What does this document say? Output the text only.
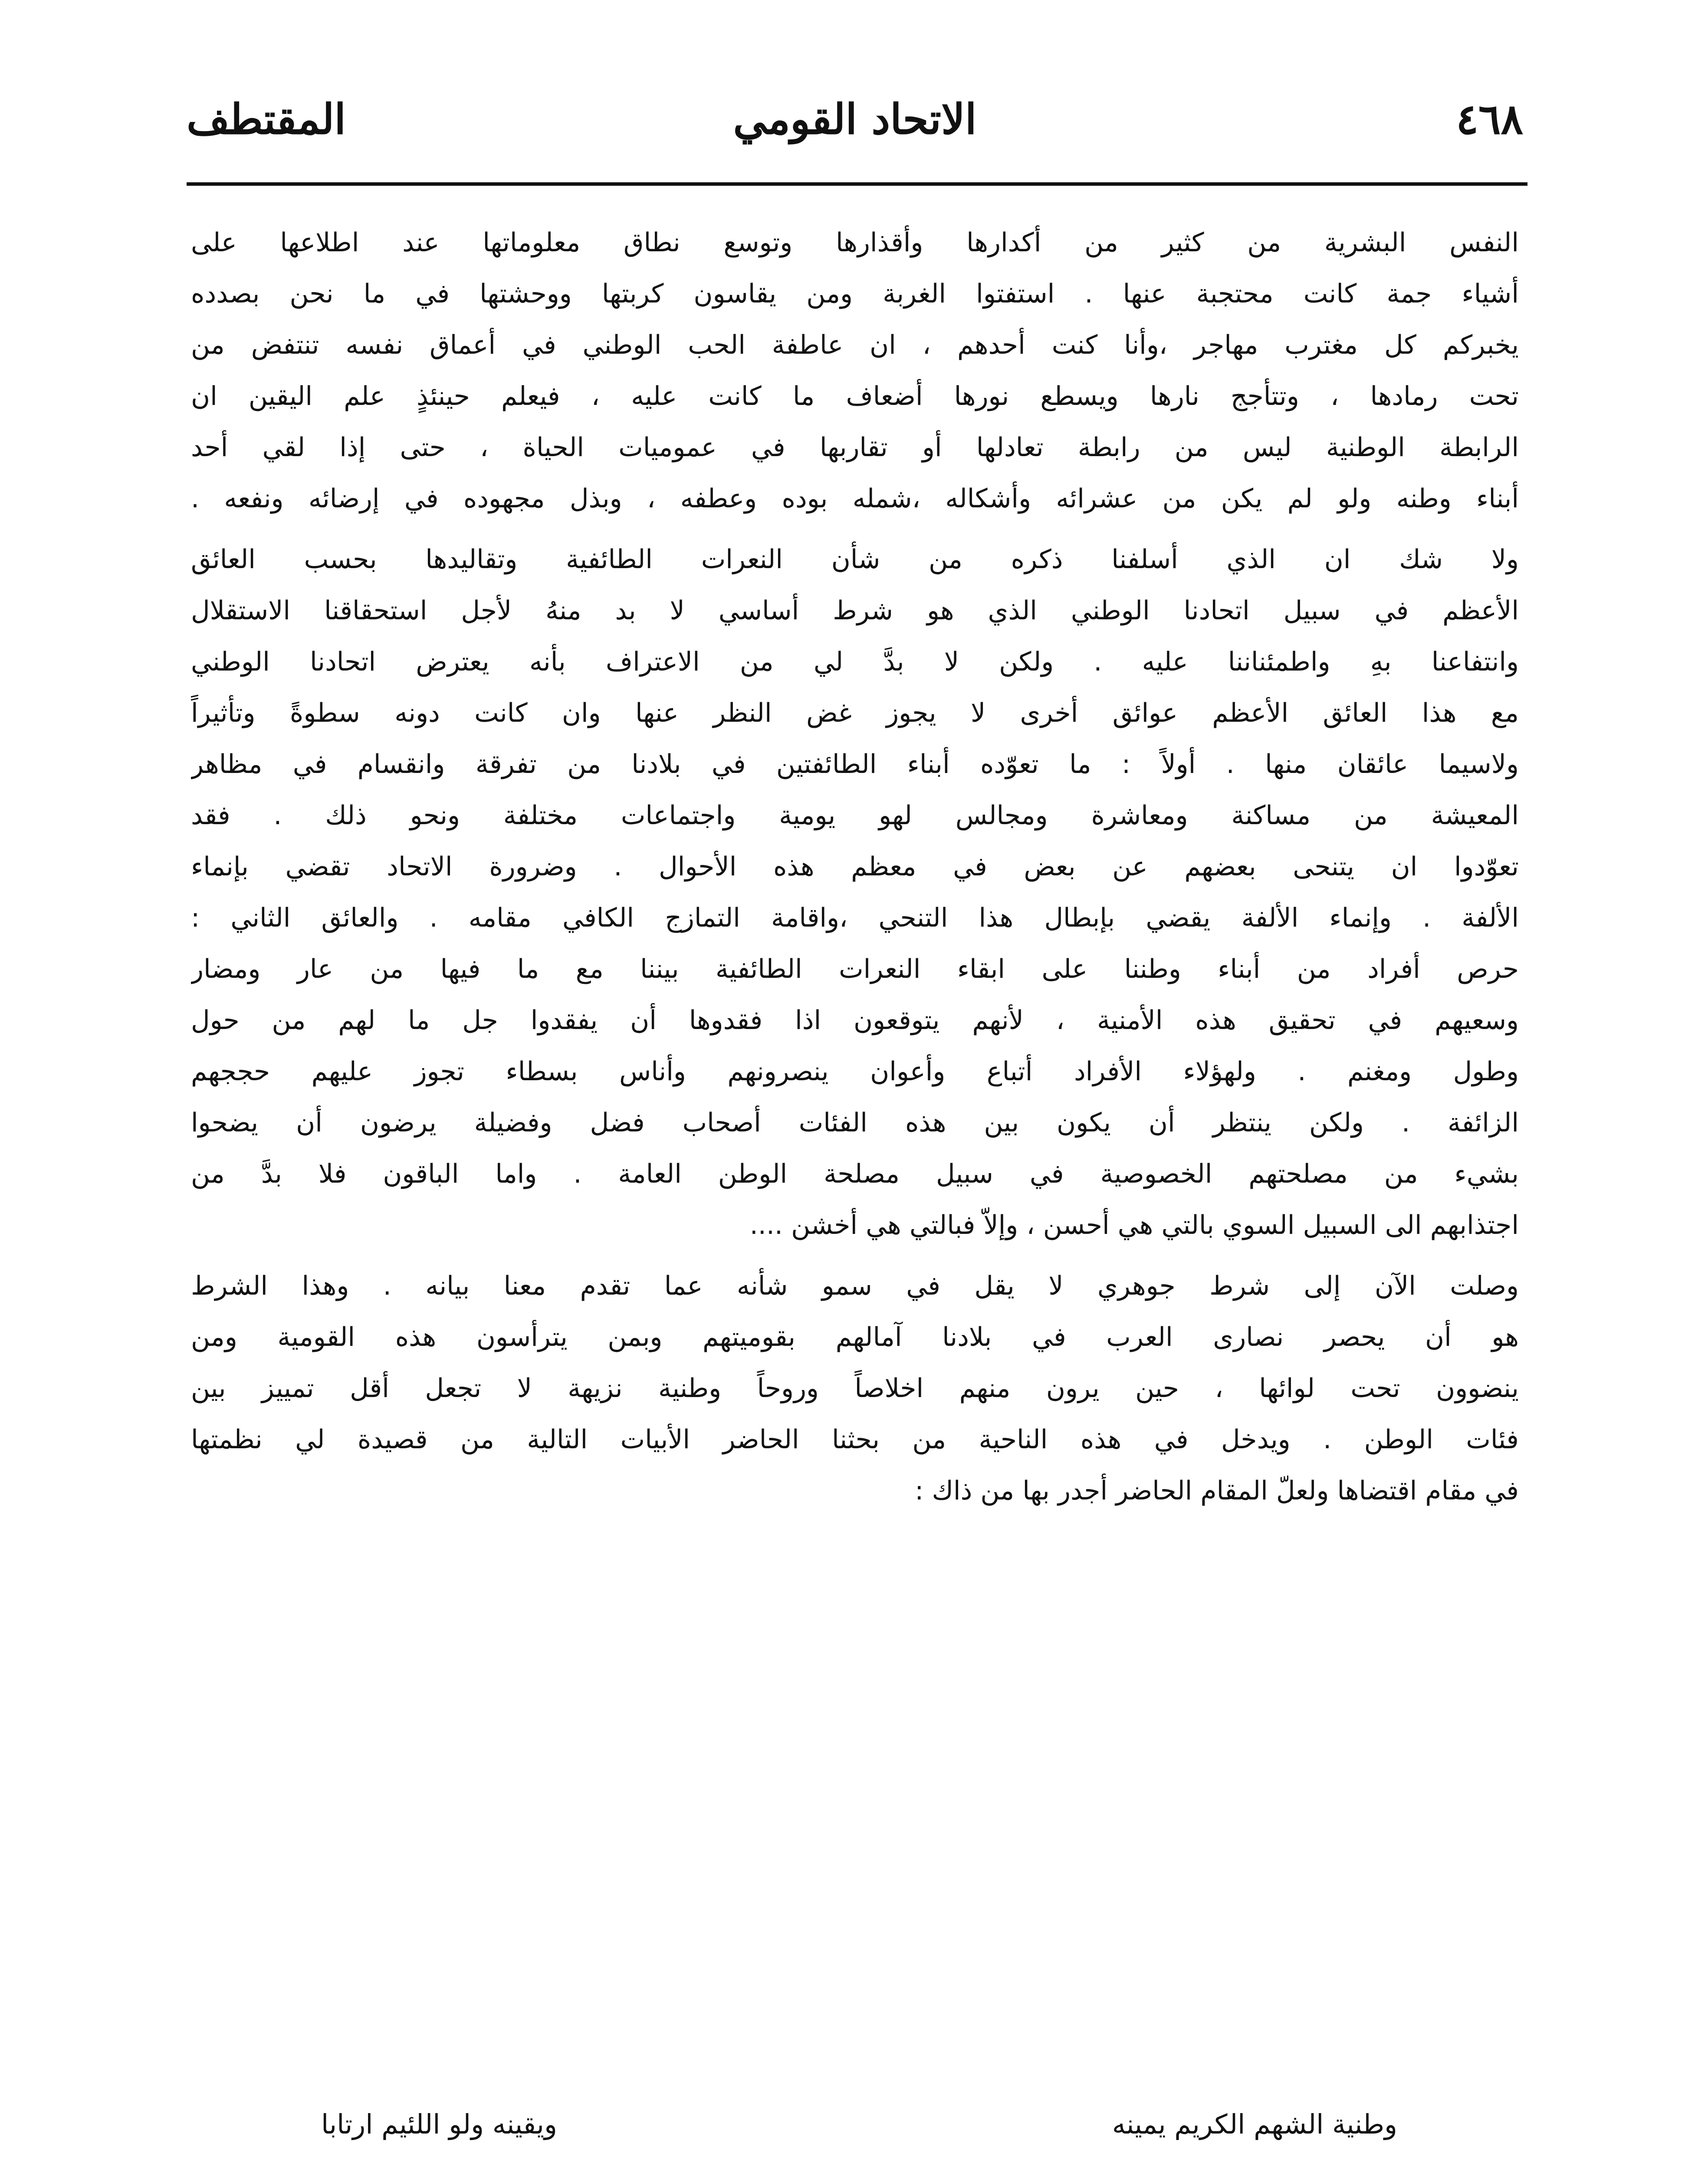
٤٦٨
الاتحاد القومي
المقتطف

النفس البشرية من كثير من أكدارها وأقذارها وتوسع نطاق معلوماتها عند اطلاعها على

أشياء جمة كانت محتجبة عنها . استفتوا الغربة ومن يقاسون كربتها ووحشتها في ما نحن بصدده

يخبركم كل مغترب مهاجر ،وأنا كنت أحدهم ، ان عاطفة الحب الوطني في أعماق نفسه تنتفض من

تحت رمادها ، وتتأجج نارها ويسطع نورها أضعاف ما كانت عليه ، فيعلم حينئذٍ علم اليقين ان

الرابطة الوطنية ليس من رابطة تعادلها أو تقاربها في عموميات الحياة ، حتى إذا لقي أحد

أبناء وطنه ولو لم يكن من عشرائه وأشكاله ،شمله بوده وعطفه ، وبذل مجهوده في إرضائه ونفعه .

ولا شك ان الذي أسلفنا ذكره من شأن النعرات الطائفية وتقاليدها بحسب العائق

الأعظم في سبيل اتحادنا الوطني الذي هو شرط أساسي لا بد منهُ لأجل استحقاقنا الاستقلال

وانتفاعنا بهِ واطمئناننا عليه . ولكن لا بدَّ لي من الاعتراف بأنه يعترض اتحادنا الوطني

مع هذا العائق الأعظم عوائق أخرى لا يجوز غض النظر عنها وان كانت دونه سطوةً وتأثيراً

ولاسيما عائقان منها . أولاً : ما تعوّده أبناء الطائفتين في بلادنا من تفرقة وانقسام في مظاهر

المعيشة من مساكنة ومعاشرة ومجالس لهو يومية واجتماعات مختلفة ونحو ذلك . فقد

تعوّدوا ان يتنحى بعضهم عن بعض في معظم هذه الأحوال . وضرورة الاتحاد تقضي بإنماء

الألفة . وإنماء الألفة يقضي بإبطال هذا التنحي ،واقامة التمازج الكافي مقامه . والعائق الثاني :

حرص أفراد من أبناء وطننا على ابقاء النعرات الطائفية بيننا مع ما فيها من عار ومضار

وسعيهم في تحقيق هذه الأمنية ، لأنهم يتوقعون اذا فقدوها أن يفقدوا جل ما لهم من حول

وطول ومغنم . ولهؤلاء الأفراد أتباع وأعوان ينصرونهم وأناس بسطاء تجوز عليهم حججهم

الزائفة . ولكن ينتظر أن يكون بين هذه الفئات أصحاب فضل وفضيلة يرضون أن يضحوا

بشيء من مصلحتهم الخصوصية في سبيل مصلحة الوطن العامة . واما الباقون فلا بدَّ من

اجتذابهم الى السبيل السوي بالتي هي أحسن ، وإلاّ فبالتي هي أخشن ....

وصلت الآن إلى شرط جوهري لا يقل في سمو شأنه عما تقدم معنا بيانه . وهذا الشرط

هو أن يحصر نصارى العرب في بلادنا آمالهم بقوميتهم وبمن يترأسون هذه القومية ومن

ينضوون تحت لوائها ، حين يرون منهم اخلاصاً وروحاً وطنية نزيهة لا تجعل أقل تمييز بين

فئات الوطن . ويدخل في هذه الناحية من بحثنا الحاضر الأبيات التالية من قصيدة لي نظمتها

في مقام اقتضاها ولعلّ المقام الحاضر أجدر بها من ذاك :

وطنية الشهم الكريم يمينه
ويقينه ولو اللئيم ارتابا
